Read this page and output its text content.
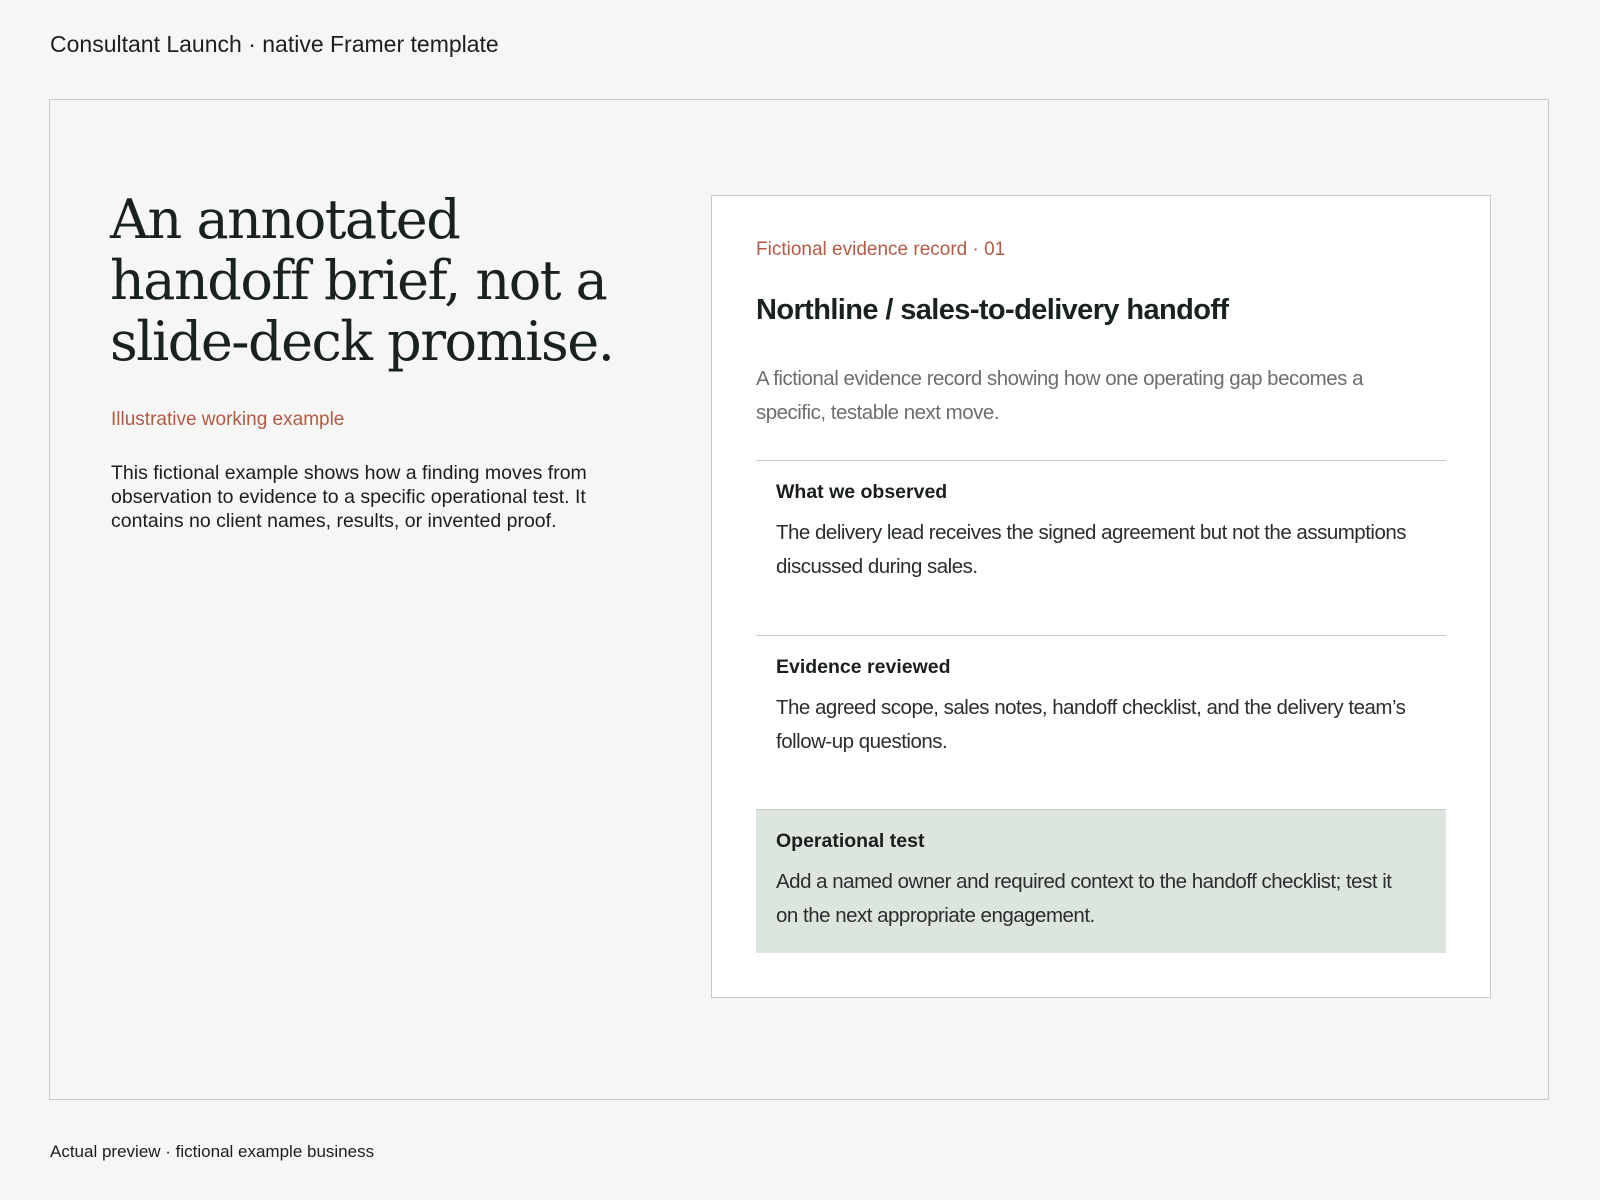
Consultant Launch · native Framer template
An annotated handoff brief, not a slide-deck promise.
Illustrative working example
This fictional example shows how a finding moves from observation to evidence to a specific operational test. It contains no client names, results, or invented proof.
Fictional evidence record · 01
Northline / sales-to-delivery handoff
A fictional evidence record showing how one operating gap becomes a specific, testable next move.
What we observed
The delivery lead receives the signed agreement but not the assumptions discussed during sales.
Evidence reviewed
The agreed scope, sales notes, handoff checklist, and the delivery team’s follow-up questions.
Operational test
Add a named owner and required context to the handoff checklist; test it on the next appropriate engagement.
Actual preview · fictional example business
